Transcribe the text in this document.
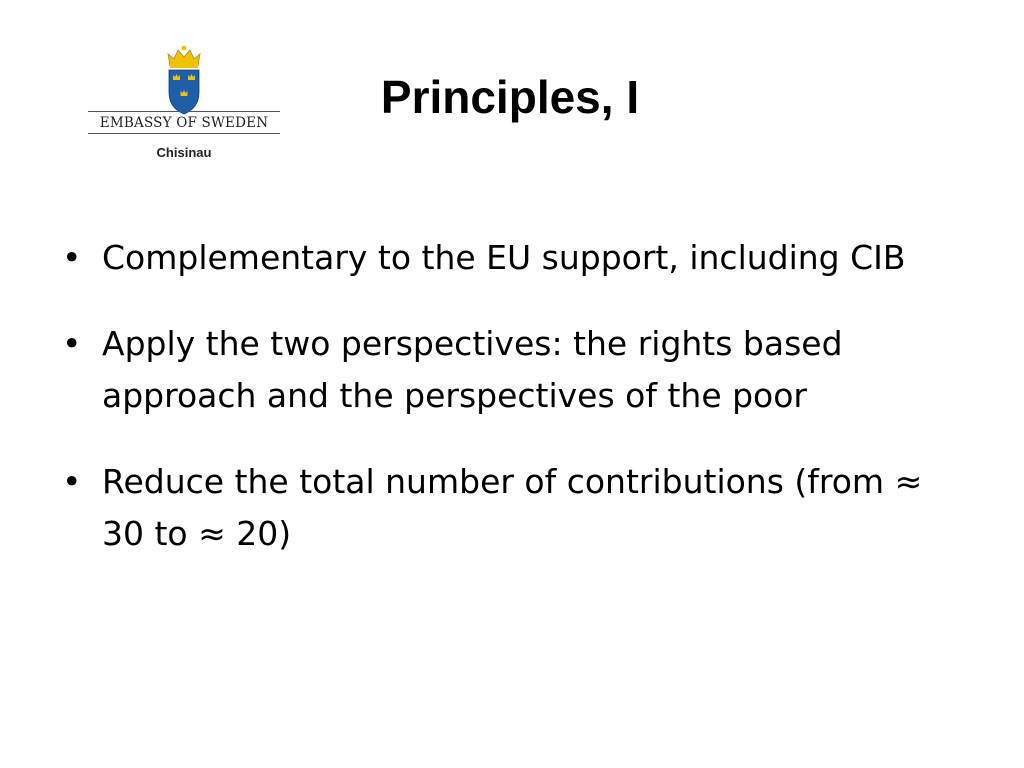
EMBASSY OF SWEDEN
Chisinau
Principles, I
• Complementary to the EU support, including CIB
• Apply the two perspectives: the rights based approach and the perspectives of the poor
• Reduce the total number of contributions (from ≈ 30 to ≈ 20)
